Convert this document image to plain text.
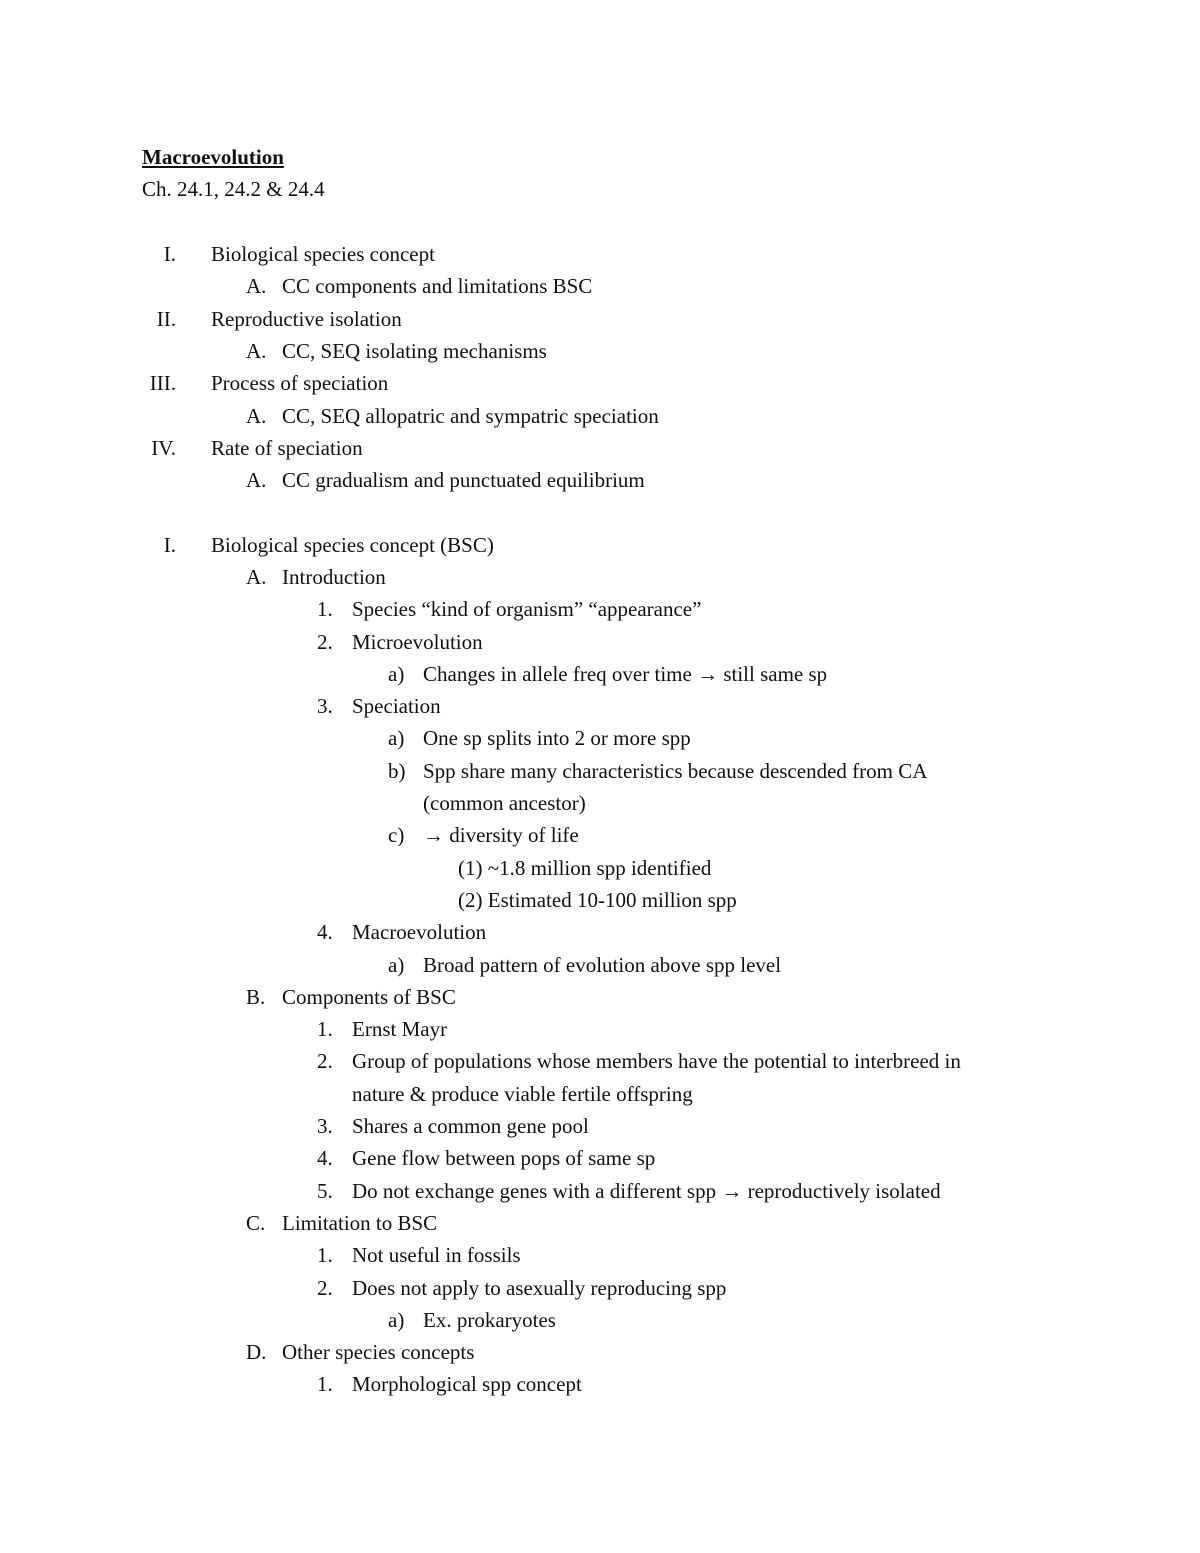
Macroevolution
Ch. 24.1, 24.2 & 24.4
I. Biological species concept
A. CC components and limitations BSC
II. Reproductive isolation
A. CC, SEQ isolating mechanisms
III. Process of speciation
A. CC, SEQ allopatric and sympatric speciation
IV. Rate of speciation
A. CC gradualism and punctuated equilibrium
I. Biological species concept (BSC)
A. Introduction
1. Species “kind of organism” “appearance”
2. Microevolution
a) Changes in allele freq over time → still same sp
3. Speciation
a) One sp splits into 2 or more spp
b) Spp share many characteristics because descended from CA
(common ancestor)
c) → diversity of life
(1) ~1.8 million spp identified
(2) Estimated 10-100 million spp
4. Macroevolution
a) Broad pattern of evolution above spp level
B. Components of BSC
1. Ernst Mayr
2. Group of populations whose members have the potential to interbreed in
nature & produce viable fertile offspring
3. Shares a common gene pool
4. Gene flow between pops of same sp
5. Do not exchange genes with a different spp → reproductively isolated
C. Limitation to BSC
1. Not useful in fossils
2. Does not apply to asexually reproducing spp
a) Ex. prokaryotes
D. Other species concepts
1. Morphological spp concept
